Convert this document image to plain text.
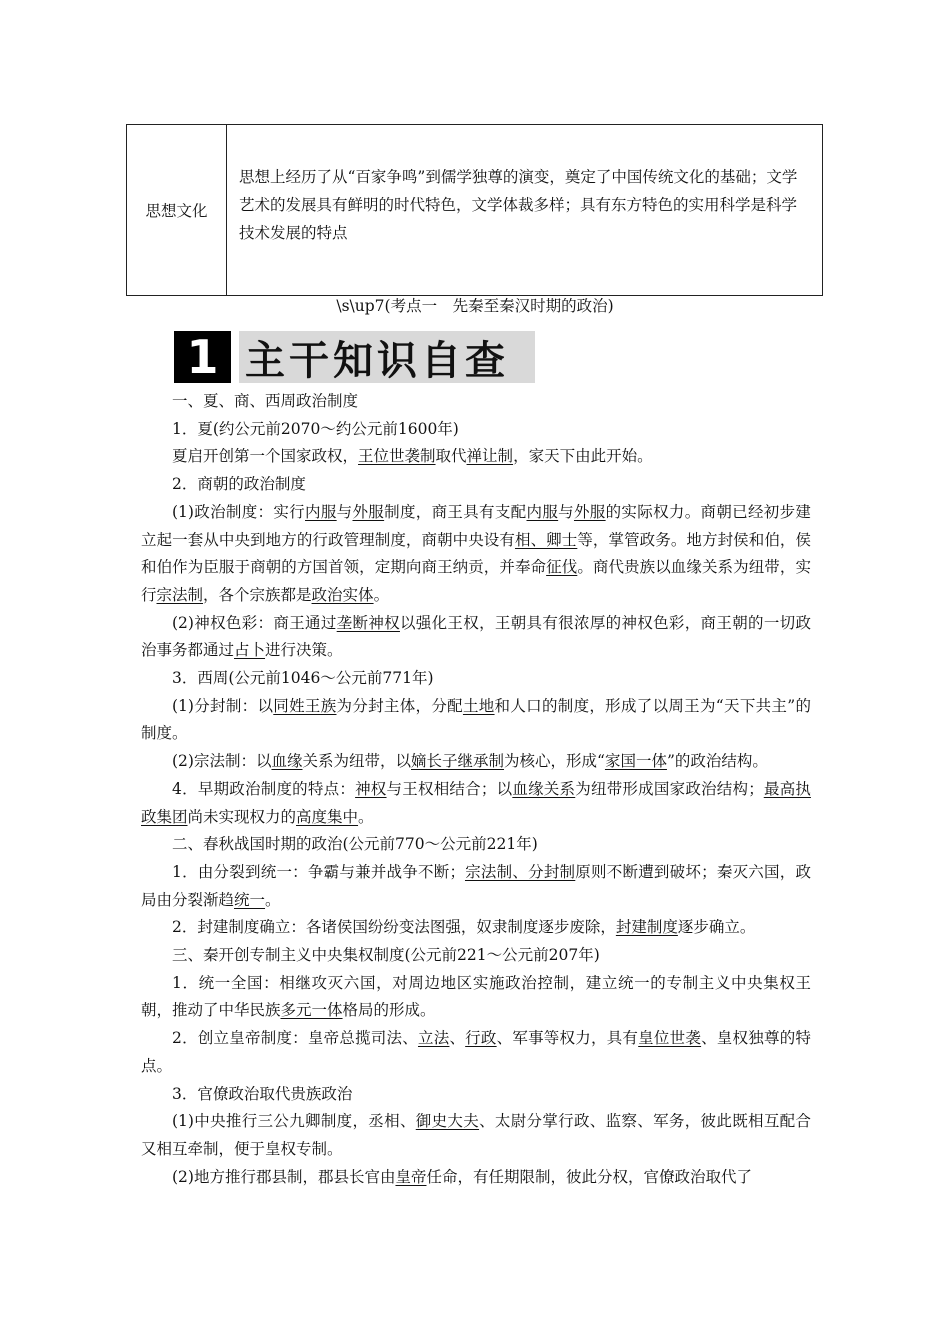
思想文化
思想上经历了从“百家争鸣”到儒学独尊的演变，奠定了中国传统文化的基础；文学艺术的发展具有鲜明的时代特色，文学体裁多样；具有东方特色的实用科学是科学技术发展的特点
\s\up7(考点一　先秦至秦汉时期的政治)
1 主干知识自查

一、夏、商、西周政治制度

1．夏(约公元前2070～约公元前1600年)

夏启开创第一个国家政权，王位世袭制取代禅让制，家天下由此开始。

2．商朝的政治制度

(1)政治制度：实行内服与外服制度，商王具有支配内服与外服的实际权力。商朝已经初步建立起一套从中央到地方的行政管理制度，商朝中央设有相、卿士等，掌管政务。地方封侯和伯，侯和伯作为臣服于商朝的方国首领，定期向商王纳贡，并奉命征伐。商代贵族以血缘关系为纽带，实行宗法制，各个宗族都是政治实体。

(2)神权色彩：商王通过垄断神权以强化王权，王朝具有很浓厚的神权色彩，商王朝的一切政治事务都通过占卜进行决策。

3．西周(公元前1046～公元前771年)

(1)分封制：以同姓王族为分封主体，分配土地和人口的制度，形成了以周王为“天下共主”的制度。

(2)宗法制：以血缘关系为纽带，以嫡长子继承制为核心，形成“家国一体”的政治结构。

4．早期政治制度的特点：神权与王权相结合；以血缘关系为纽带形成国家政治结构；最高执政集团尚未实现权力的高度集中。

二、春秋战国时期的政治(公元前770～公元前221年)

1．由分裂到统一：争霸与兼并战争不断；宗法制、分封制原则不断遭到破坏；秦灭六国，政局由分裂渐趋统一。

2．封建制度确立：各诸侯国纷纷变法图强，奴隶制度逐步废除，封建制度逐步确立。

三、秦开创专制主义中央集权制度(公元前221～公元前207年)

1．统一全国：相继攻灭六国，对周边地区实施政治控制，建立统一的专制主义中央集权王朝，推动了中华民族多元一体格局的形成。

2．创立皇帝制度：皇帝总揽司法、立法、行政、军事等权力，具有皇位世袭、皇权独尊的特点。

3．官僚政治取代贵族政治

(1)中央推行三公九卿制度，丞相、御史大夫、太尉分掌行政、监察、军务，彼此既相互配合又相互牵制，便于皇权专制。

(2)地方推行郡县制，郡县长官由皇帝任命，有任期限制，彼此分权，官僚政治取代了
